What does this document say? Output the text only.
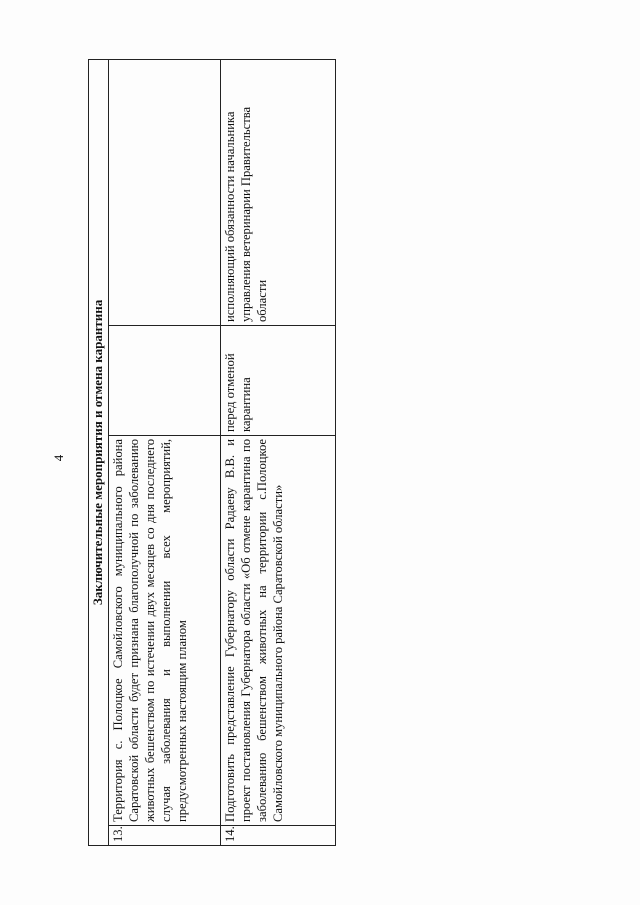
4 Заключительные мероприятия и отмена карантина			
13.	Территория с. Полоцкое Самойловского муниципального района Саратовской области будет признана благополучной по заболеванию животных бешенством по истечении двух месяцев со дня последнего случая заболевания и выполнении всех мероприятий, предусмотренных настоящим планом		
14.	Подготовить представление Губернатору области Радаеву В.В. и проект постановления Губернатора области «Об отмене карантина по заболеванию бешенством животных на территории с.Полоцкое Самойловского муниципального района Саратовской области»	перед отменой карантина	исполняющий обязанности начальника управления ветеринарии Правительства области
